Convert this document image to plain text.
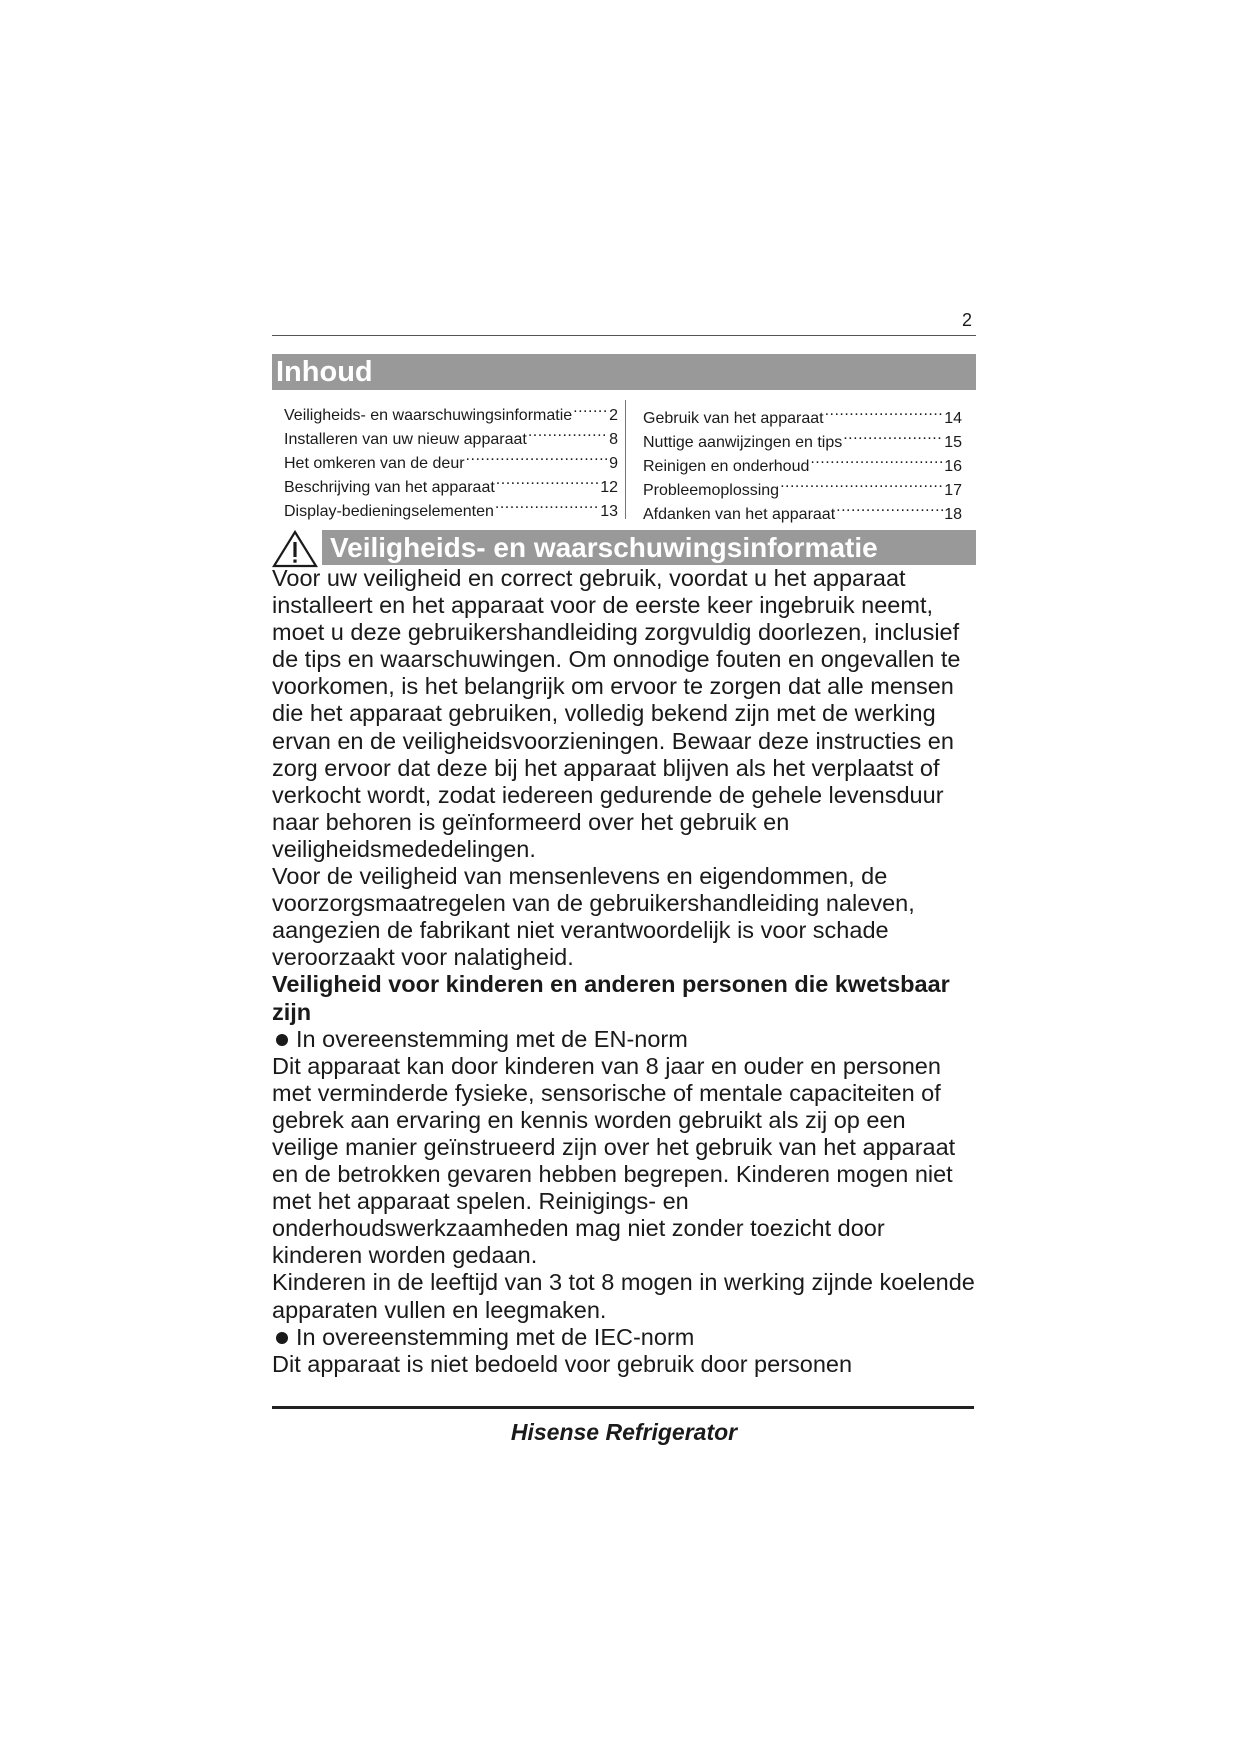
2
Inhoud
Veiligheids- en waarschuwingsinformatie ..... 2
Installeren van uw nieuw apparaat .....	8
Het omkeren van de deur .....	9
Beschrijving van het apparaat .....	12
Display-bedieningselementen .....	13
Gebruik van het apparaat .....	14
Nuttige aanwijzingen en tips .....	15
Reinigen en onderhoud .....	16
Probleemoplossing .....	17
Afdanken van het apparaat .....	18
Veiligheids- en waarschuwingsinformatie

Voor uw veiligheid en correct gebruik, voordat u het apparaat installeert en het apparaat voor de eerste keer ingebruik neemt, moet u deze gebruikershandleiding zorgvuldig doorlezen, inclusief de tips en waarschuwingen. Om onnodige fouten en ongevallen te voorkomen, is het belangrijk om ervoor te zorgen dat alle mensen die het apparaat gebruiken, volledig bekend zijn met de werking ervan en de veiligheidsvoorzieningen. Bewaar deze instructies en zorg ervoor dat deze bij het apparaat blijven als het verplaatst of verkocht wordt, zodat iedereen gedurende de gehele levensduur naar behoren is geïnformeerd over het gebruik en veiligheidsmededelingen.

Voor de veiligheid van mensenlevens en eigendommen, de voorzorgsmaatregelen van de gebruikershandleiding naleven, aangezien de fabrikant niet verantwoordelijk is voor schade veroorzaakt voor nalatigheid.

Veiligheid voor kinderen en anderen personen die kwetsbaar zijn

In overeenstemming met de EN-norm

Dit apparaat kan door kinderen van 8 jaar en ouder en personen met verminderde fysieke, sensorische of mentale capaciteiten of gebrek aan ervaring en kennis worden gebruikt als zij op een veilige manier geïnstrueerd zijn over het gebruik van het apparaat en de betrokken gevaren hebben begrepen. Kinderen mogen niet met het apparaat spelen. Reinigings- en onderhoudswerkzaamheden mag niet zonder toezicht door kinderen worden gedaan.

Kinderen in de leeftijd van 3 tot 8 mogen in werking zijnde koelende apparaten vullen en leegmaken.

In overeenstemming met de IEC-norm

Dit apparaat is niet bedoeld voor gebruik door personen

Hisense Refrigerator
